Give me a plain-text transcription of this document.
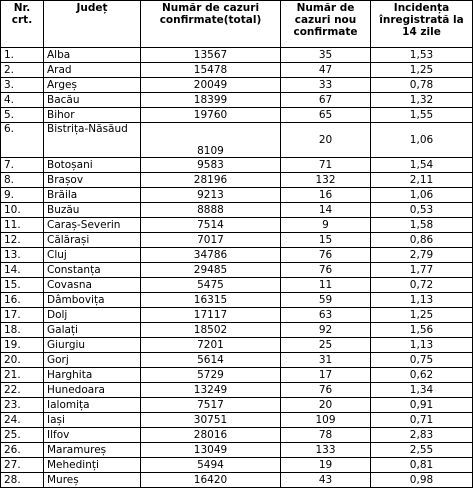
Nr. crt.	Județ	Număr de cazuri confirmate(total)	Număr de cazuri nou confirmate	Incidența înregistrată la 14 zile
1.	Alba	13567	35	1,53
2.	Arad	15478	47	1,25
3.	Argeș	20049	33	0,78
4.	Bacău	18399	67	1,32
5.	Bihor	19760	65	1,55
6.	Bistrița-Năsăud	8109	20	1,06
7.	Botoșani	9583	71	1,54
8.	Brașov	28196	132	2,11
9.	Brăila	9213	16	1,06
10.	Buzău	8888	14	0,53
11.	Caraș-Severin	7514	9	1,58
12.	Călărași	7017	15	0,86
13.	Cluj	34786	76	2,79
14.	Constanța	29485	76	1,77
15.	Covasna	5475	11	0,72
16.	Dâmbovița	16315	59	1,13
17.	Dolj	17117	63	1,25
18.	Galați	18502	92	1,56
19.	Giurgiu	7201	25	1,13
20.	Gorj	5614	31	0,75
21.	Harghita	5729	17	0,62
22.	Hunedoara	13249	76	1,34
23.	Ialomița	7517	20	0,91
24.	Iași	30751	109	0,71
25.	Ilfov	28016	78	2,83
26.	Maramureș	13049	133	2,55
27.	Mehedinți	5494	19	0,81
28.	Mureș	16420	43	0,98
